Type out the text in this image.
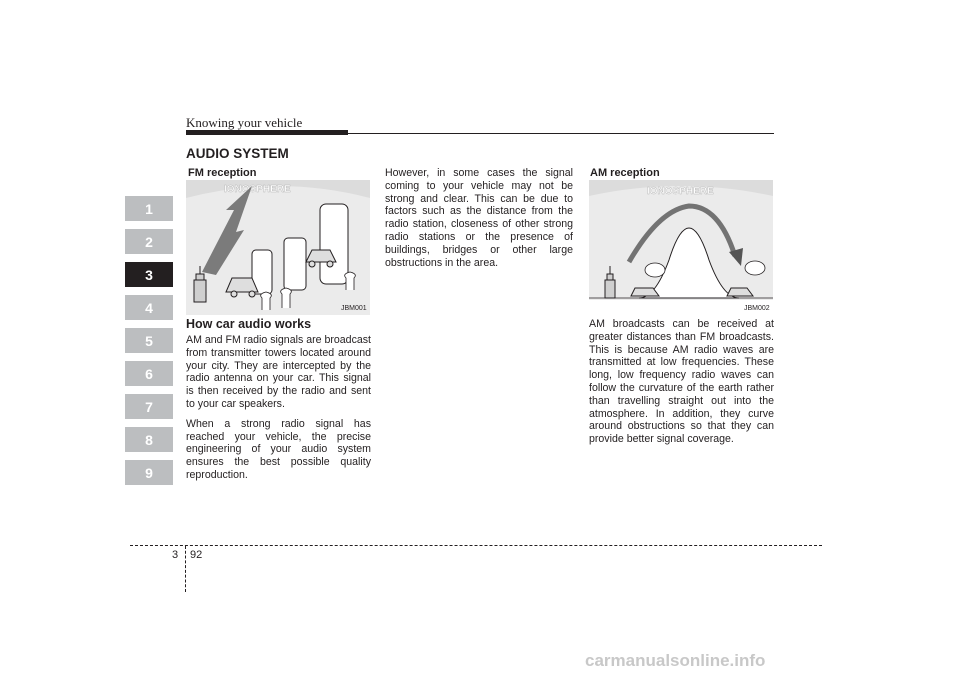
Knowing your vehicle
AUDIO SYSTEM
1
2
3
4
5
6
7
8
9
FM reception
IONOSPHERE
JBM001
How car audio works

AM and FM radio signals are broadcast from transmitter towers located around your city. They are intercepted by the radio antenna on your car. This signal is then received by the radio and sent to your car speakers.

When a strong radio signal has reached your vehicle, the precise engineering of your audio system ensures the best possible quality reproduction.

However, in some cases the signal coming to your vehicle may not be strong and clear. This can be due to factors such as the distance from the radio station, closeness of other strong radio stations or the presence of buildings, bridges or other large obstructions in the area.

AM reception
IONOSPHERE
JBM002

AM broadcasts can be received at greater distances than FM broadcasts. This is because AM radio waves are transmitted at low frequencies. These long, low frequency radio waves can follow the curvature of the earth rather than travelling straight out into the atmosphere. In addition, they curve around obstructions so that they can provide better signal coverage.

3 92
carmanualsonline.info
